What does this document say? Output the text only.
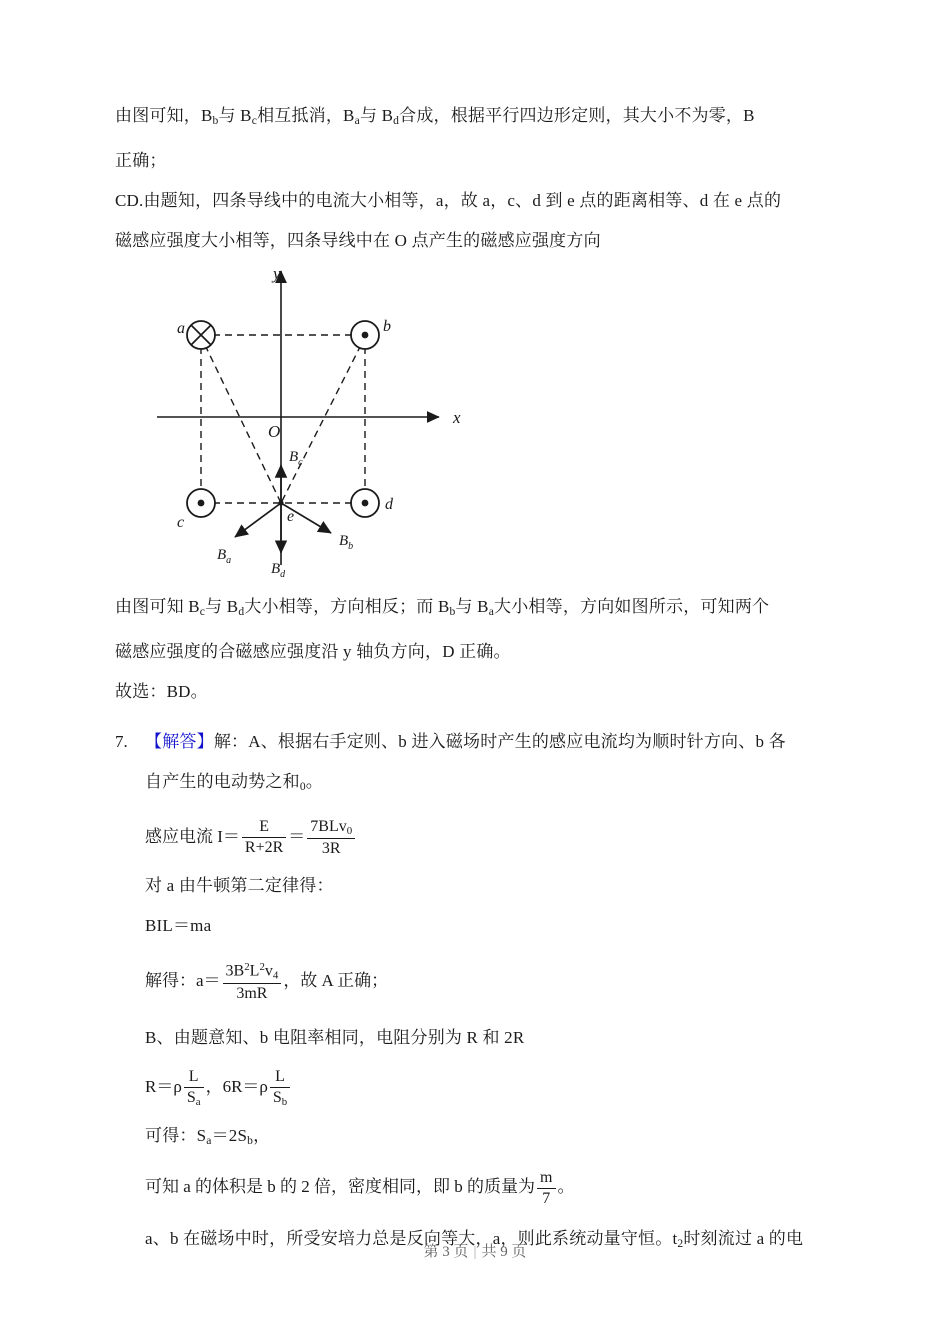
由图可知，$B_b$与 $B_c$相互抵消，$B_a$与 $B_d$合成，根据平行四边形定则，其大小不为零，B
正确；
CD.由题知，四条导线中的电流大小相等，a，故 a，c、d 到 e 点的距离相等、d 在 e 点的
磁感应强度大小相等，四条导线中在 O 点产生的磁感应强度方向
x
y
O
a	b
c
d
e
$B_c$
$B_d$
$B_a$
$B_b$
由图可知 $B_c$与 $B_d$大小相等，方向相反；而 $B_b$与 $B_a$大小相等，方向如图所示，可知两个
磁感应强度的合磁感应强度沿 y 轴负方向，D 正确。
故选：BD。
7.	【解答】解：A、根据右手定则、b 进入磁场时产生的感应电流均为顺时针方向、b 各
自产生的电动势之和$_0$。
感应电流 $I= \frac{E}{R+2R} = \frac{7BLv_0}{3R}$
对 a 由牛顿第二定律得：
BIL＝ma
解得：$a= \frac{3B^2L^2v_4}{3mR}$ ，故 A 正确；
B、由题意知、b 电阻率相同，电阻分别为 R 和 2R
$R=\rho \frac{L}{S_a}$ ，$6R=\rho \frac{L}{S_b}$
可得：$S_a=2S_b$，
可知 a 的体积是 b 的 2 倍，密度相同，即 b 的质量为 $\frac{m}{7}$ 。
a、b 在磁场中时，所受安培力总是反向等大，a，则此系统动量守恒。$t_2$时刻流过 a 的电
第 3 页 | 共 9 页
